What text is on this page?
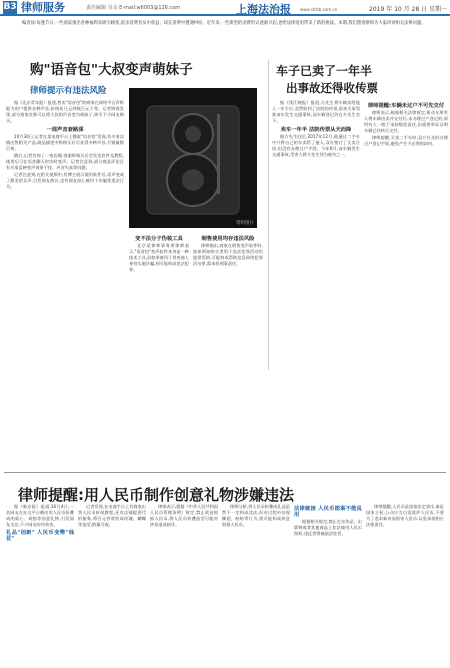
B3 律师服务	责任编辑 吴余 E-mail:w6003@126.com	上海法治报 www.shfzb.com.cn	2019 年 10 月 28 日 星期一
编者按:每逢节日,一些商家推出各种福利来吸引顾客,很多消费者从中获益、却在消费中遭遇纠纷。近年来,一些新型的消费形式逐渐兴起,也给法律适用带来了新的挑战。本期,我们邀请律师为大家讲讲相关法律问题。
购"语音包"大叔变声萌妹子
律师提示有违法风险
资料图片

据《北京青年报》报道,售卖"语音包"的商家在网络平台声称能为用户提供各种声音,价格从几元到数百元不等。记者调查发现,部分商家宣称可以将大叔的声音变为萌妹子,吸引不少网友购买。

一周声音套路深

10月30日,记者在某电商平台上搜索"语音包"发现,有多家店铺出售相关产品,商品描述中称购买后可获得多种声音,月销量数百单。

随后,记者咨询了一家店铺,客服称购买后会发送软件及教程,使用后可在语音聊天时实时变声。记者注意到,部分商品评论区有买家反映变声效果不佳、声音失真等问题。

记者注意到,在相关视频中,有博主展示使用软件后,男声变成了甜美的女声,引发网友热议,也有网友担心被用于诈骗等违法行为。

变不法分子伪装工具

北京某律师事务所律师表示,"语音包"变声软件本身是一种技术工具,但如果被用于冒充他人身份实施诈骗,则可能构成违法犯罪。

制售使用均存违法风险

律师指出,商家在销售变声软件时,如果明知购买者用于违法犯罪活动仍提供帮助,可能构成帮助信息网络犯罪活动罪,需承担刑事责任。

车子已卖了一年半
出事故还得收传票

据《钱江晚报》报道,方先生将车辆卖给他人一年半后,竟然收到了法院的传票,原来买家驾驶该车发生交通事故,而车辆登记仍在方先生名下。

卖车一年半 法院传票从天而降

据方先生回忆,2017年12月,他通过二手车中介将自己的车卖给了他人,双方签订了买卖合同,但没有办理过户手续。今年6月,该车辆发生交通事故,受害人将方先生列为被告之一。

律师提醒:车辆未过户不可先交付

律师表示,根据相关法律规定,机动车所有人将车辆出卖并交付后,未办理过户登记的,原所有人一般不承担赔偿责任,但需要举证证明车辆已经转让交付。

律师提醒,买卖二手车时,双方应及时办理过户登记手续,避免产生不必要的纠纷。

律师提醒:用人民币制作创意礼物涉嫌违法

据《新京报》报道,10月4日,一名网友在社交平台晒出用人民币折叠成的爱心、戒指等创意礼物,引发网友关注,不少网友纷纷效仿。

礼品"创新" 人民币变幣"钱花"

记者发现,在电商平台上有商家出售人民币折纸教程,还有店铺提供代折服务,将百元钞票折成玫瑰、蝴蝶等造型,销量可观。

律师表示,根据《中华人民共和国人民币管理条例》规定,禁止故意毁损人民币,将人民币折叠造型可能对钞票造成损坏。

律师分析,将人民币折叠成礼品虽然不一定构成违法,但若过程中出现撕裂、粘贴等行为,则可能构成故意毁损人民币。

法律链接 人民币图案不能乱用

根据相关规定,禁止在宣传品、出版物或者其他商品上非法使用人民币图样,违反者将被依法处罚。

律师提醒,人民币是国家法定货币,象征国家主权,公众应当自觉爱护人民币,不要为了追求新奇而损害人民币,以免承担相应法律责任。
